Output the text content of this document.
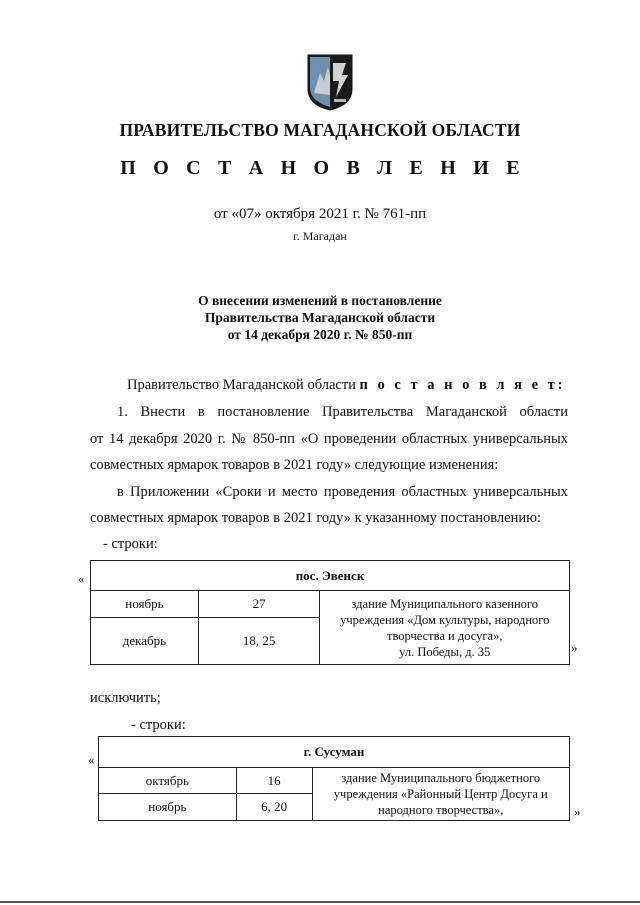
ПРАВИТЕЛЬСТВО МАГАДАНСКОЙ ОБЛАСТИ
П О С Т А Н О В Л Е Н И Е
от «07» октября 2021 г. № 761-пп
г. Магадан
О внесении изменений в постановление
Правительства Магаданской области
от 14 декабря 2020 г. № 850-пп
Правительство Магаданской области п о с т а н о в л я е т:
1. Внести в постановление Правительства Магаданской области
от 14 декабря 2020 г. № 850-пп «О проведении областных универсальных
совместных ярмарок товаров в 2021 году» следующие изменения:
в Приложении «Сроки и место проведения областных универсальных
совместных ярмарок товаров в 2021 году» к указанному постановлению:
- строки:
«	пос. Эвенск		
ноябрь	27	здание Муниципального казенного
учреждения «Дом культуры, народного
творчества и досуга»,
ул. Победы, д. 35

декабрь	18, 25		»
исключить;
- строки:
«
г. Сусуман		
октябрь	16	здание Муниципального бюджетного
учреждения «Районный Центр Досуга и
народного творчества»,

ноябрь	6, 20		»
